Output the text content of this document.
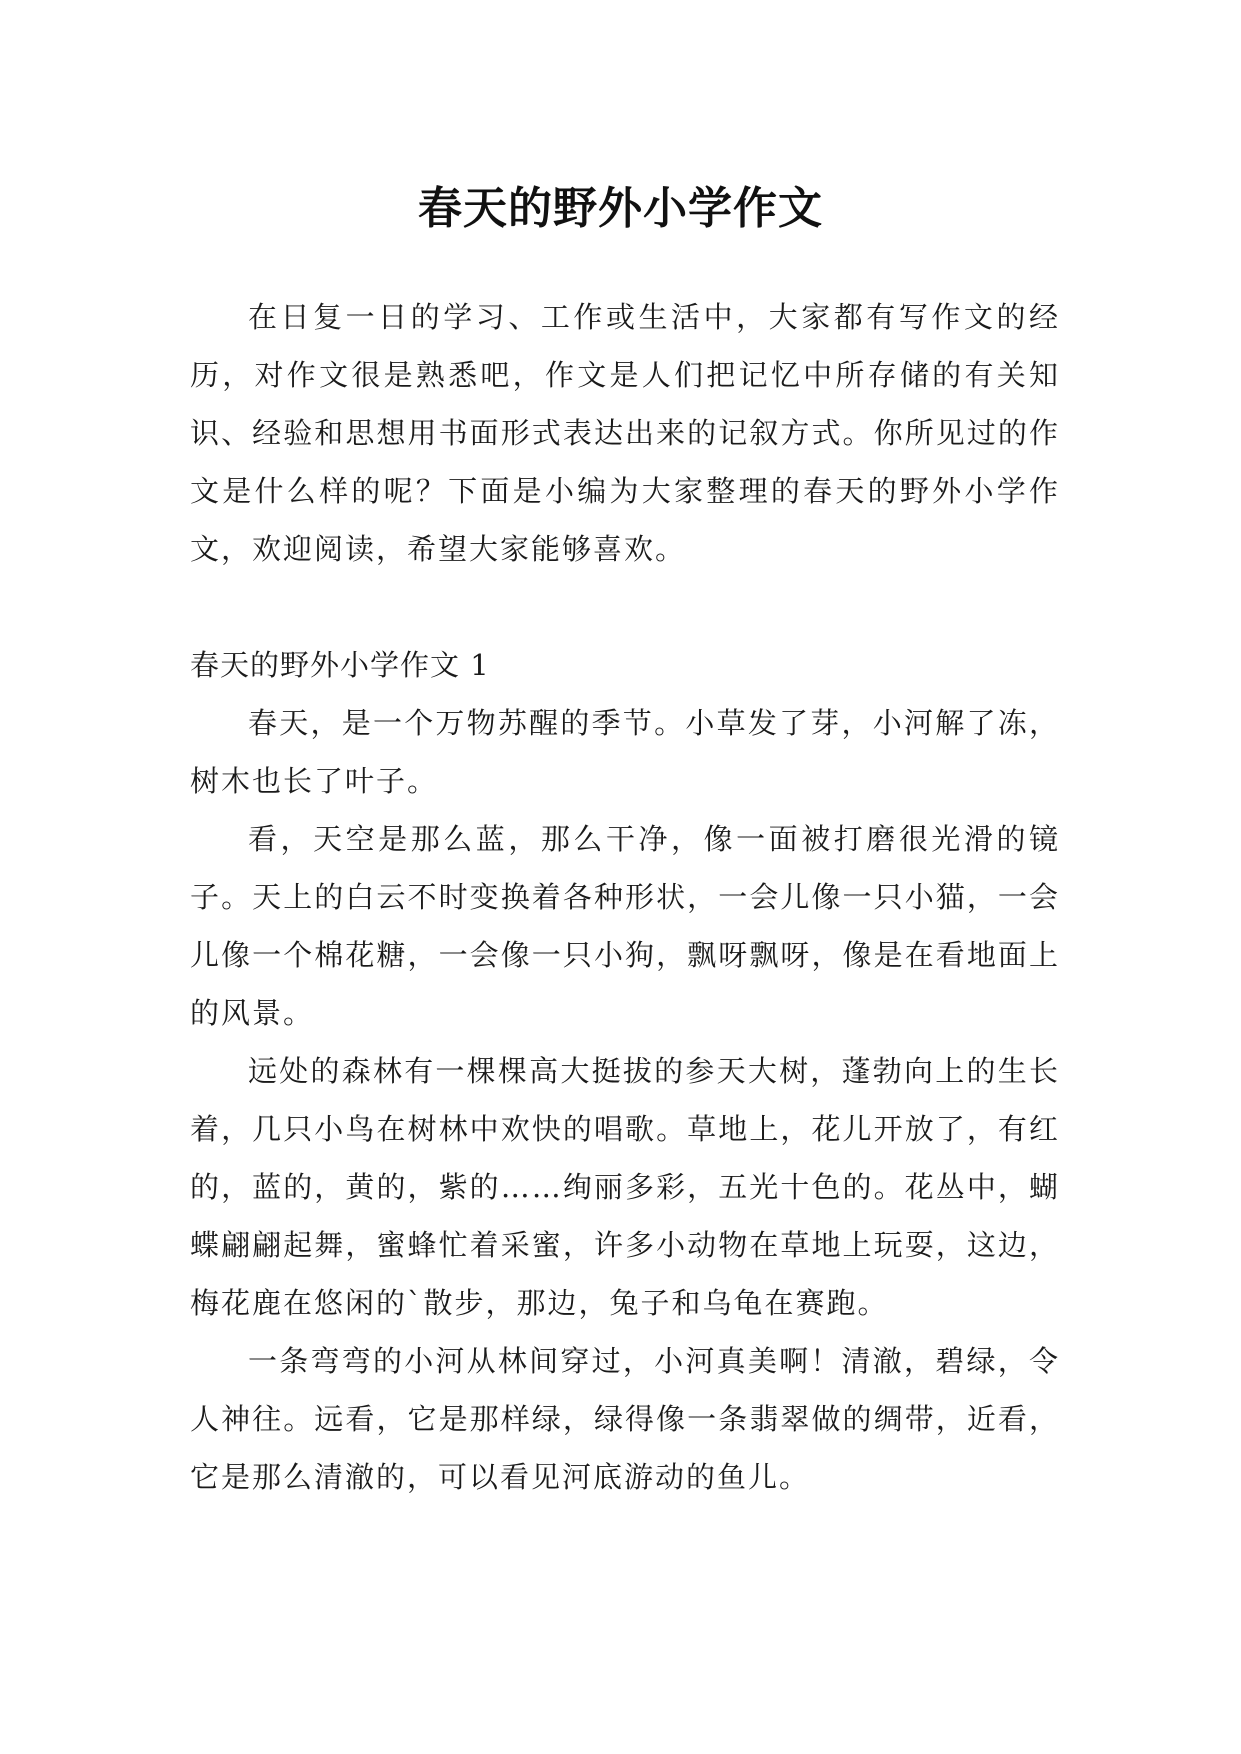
春天的野外小学作文

在日复一日的学习、工作或生活中，大家都有写作文的经历，对作文很是熟悉吧，作文是人们把记忆中所存储的有关知识、经验和思想用书面形式表达出来的记叙方式。你所见过的作文是什么样的呢？下面是小编为大家整理的春天的野外小学作文，欢迎阅读，希望大家能够喜欢。

春天的野外小学作文 1

春天，是一个万物苏醒的季节。小草发了芽，小河解了冻，树木也长了叶子。

看，天空是那么蓝，那么干净，像一面被打磨很光滑的镜子。天上的白云不时变换着各种形状，一会儿像一只小猫，一会儿像一个棉花糖，一会像一只小狗，飘呀飘呀，像是在看地面上的风景。

远处的森林有一棵棵高大挺拔的参天大树，蓬勃向上的生长着，几只小鸟在树林中欢快的唱歌。草地上，花儿开放了，有红的，蓝的，黄的，紫的……绚丽多彩，五光十色的。花丛中，蝴蝶翩翩起舞，蜜蜂忙着采蜜，许多小动物在草地上玩耍，这边，梅花鹿在悠闲的`散步，那边，兔子和乌龟在赛跑。

一条弯弯的小河从林间穿过，小河真美啊！清澈，碧绿，令人神往。远看，它是那样绿，绿得像一条翡翠做的绸带，近看，它是那么清澈的，可以看见河底游动的鱼儿。
